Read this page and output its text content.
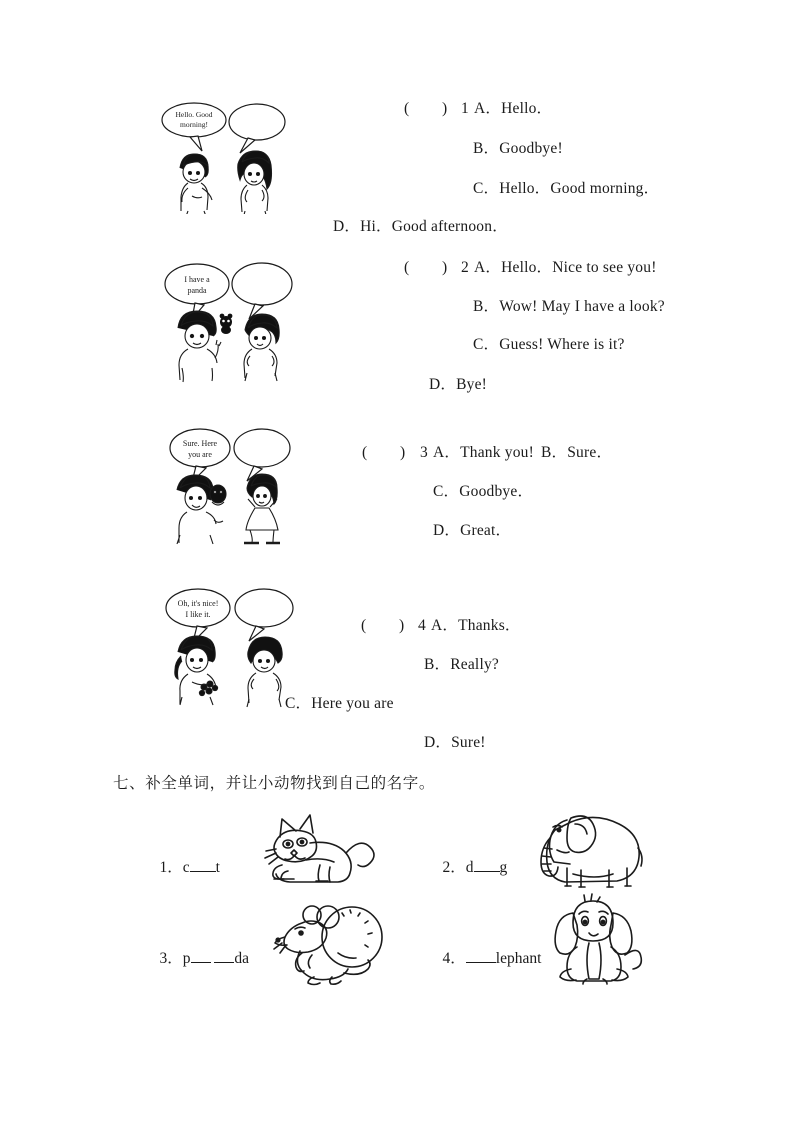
Hello. Good
morning!
(        ) 1 A．Hello．
B．Goodbye!
C．Hello．Good morning．
D．Hi．Good afternoon．
I have a
panda
(        ) 2 A．Hello．Nice to see you!
B．Wow! May I have a look?
C．Guess! Where is it?
D．Bye!
Sure. Here
you are	(        ) 3 A．Thank you! B．Sure．
C．Goodbye．
D．Great．
Oh, it's nice!
I like it.
(        ) 4 A．Thanks．
B．Really?
C．Here you are
D．Sure!
七、补全单词，并让小动物找到自己的名字。

1．c t
	2．d g

3．p	da
	4． lephant
